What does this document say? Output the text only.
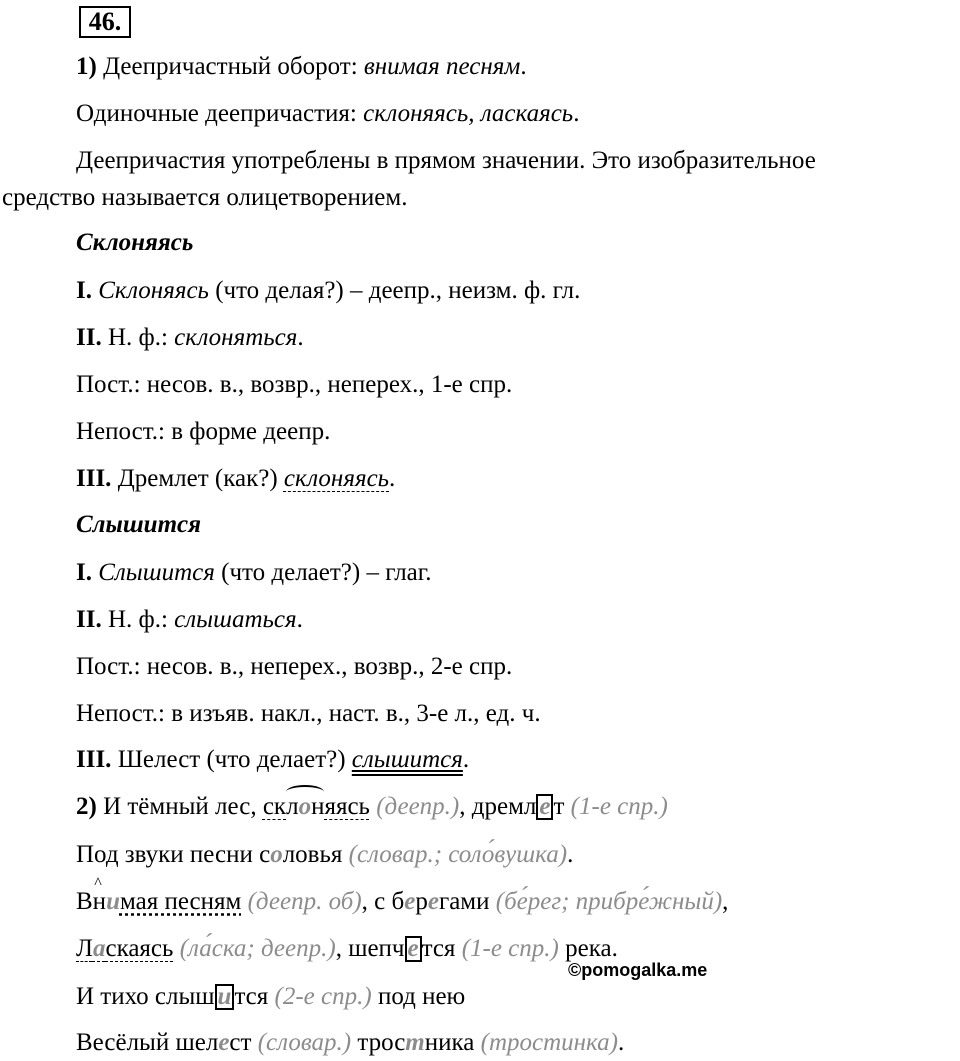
46.
1) Деепричастный оборот: внимая песням.
Одиночные деепричастия: склоняясь, ласкаясь.
Деепричастия употреблены в прямом значении. Это изобразительное
средство называется олицетворением.
Склоняясь
I. Склоняясь (что делая?) – деепр., неизм. ф. гл.
II. Н. ф.: склоняться.
Пост.: несов. в., возвр., неперех., 1-е спр.
Непост.: в форме деепр.
III. Дремлет (как?) склоняясь.
Слышится
I. Слышится (что делает?) – глаг.
II. Н. ф.: слышаться.
Пост.: несов. в., неперех., возвр., 2-е спр.
Непост.: в изъяв. накл., наст. в., 3-е л., ед. ч.
III. Шелест (что делает?) слышится.
2) И тёмный лес, ск
лоняясь (деепр.), дремл е т (1-е спр.)
Под звуки песни соловья (словар.; соло́вушка).
^
Внимая песням (деепр. об), с берегами (бе́рег; прибре́жный),
Ласкаясь (ла́ска; деепр.), шепч е тся (1-е спр.) река.
©pomogalka.me
И тихо слыш и тся (2-е спр.) под нею
Весёлый шелест (словар.) тростника (тростинка).
